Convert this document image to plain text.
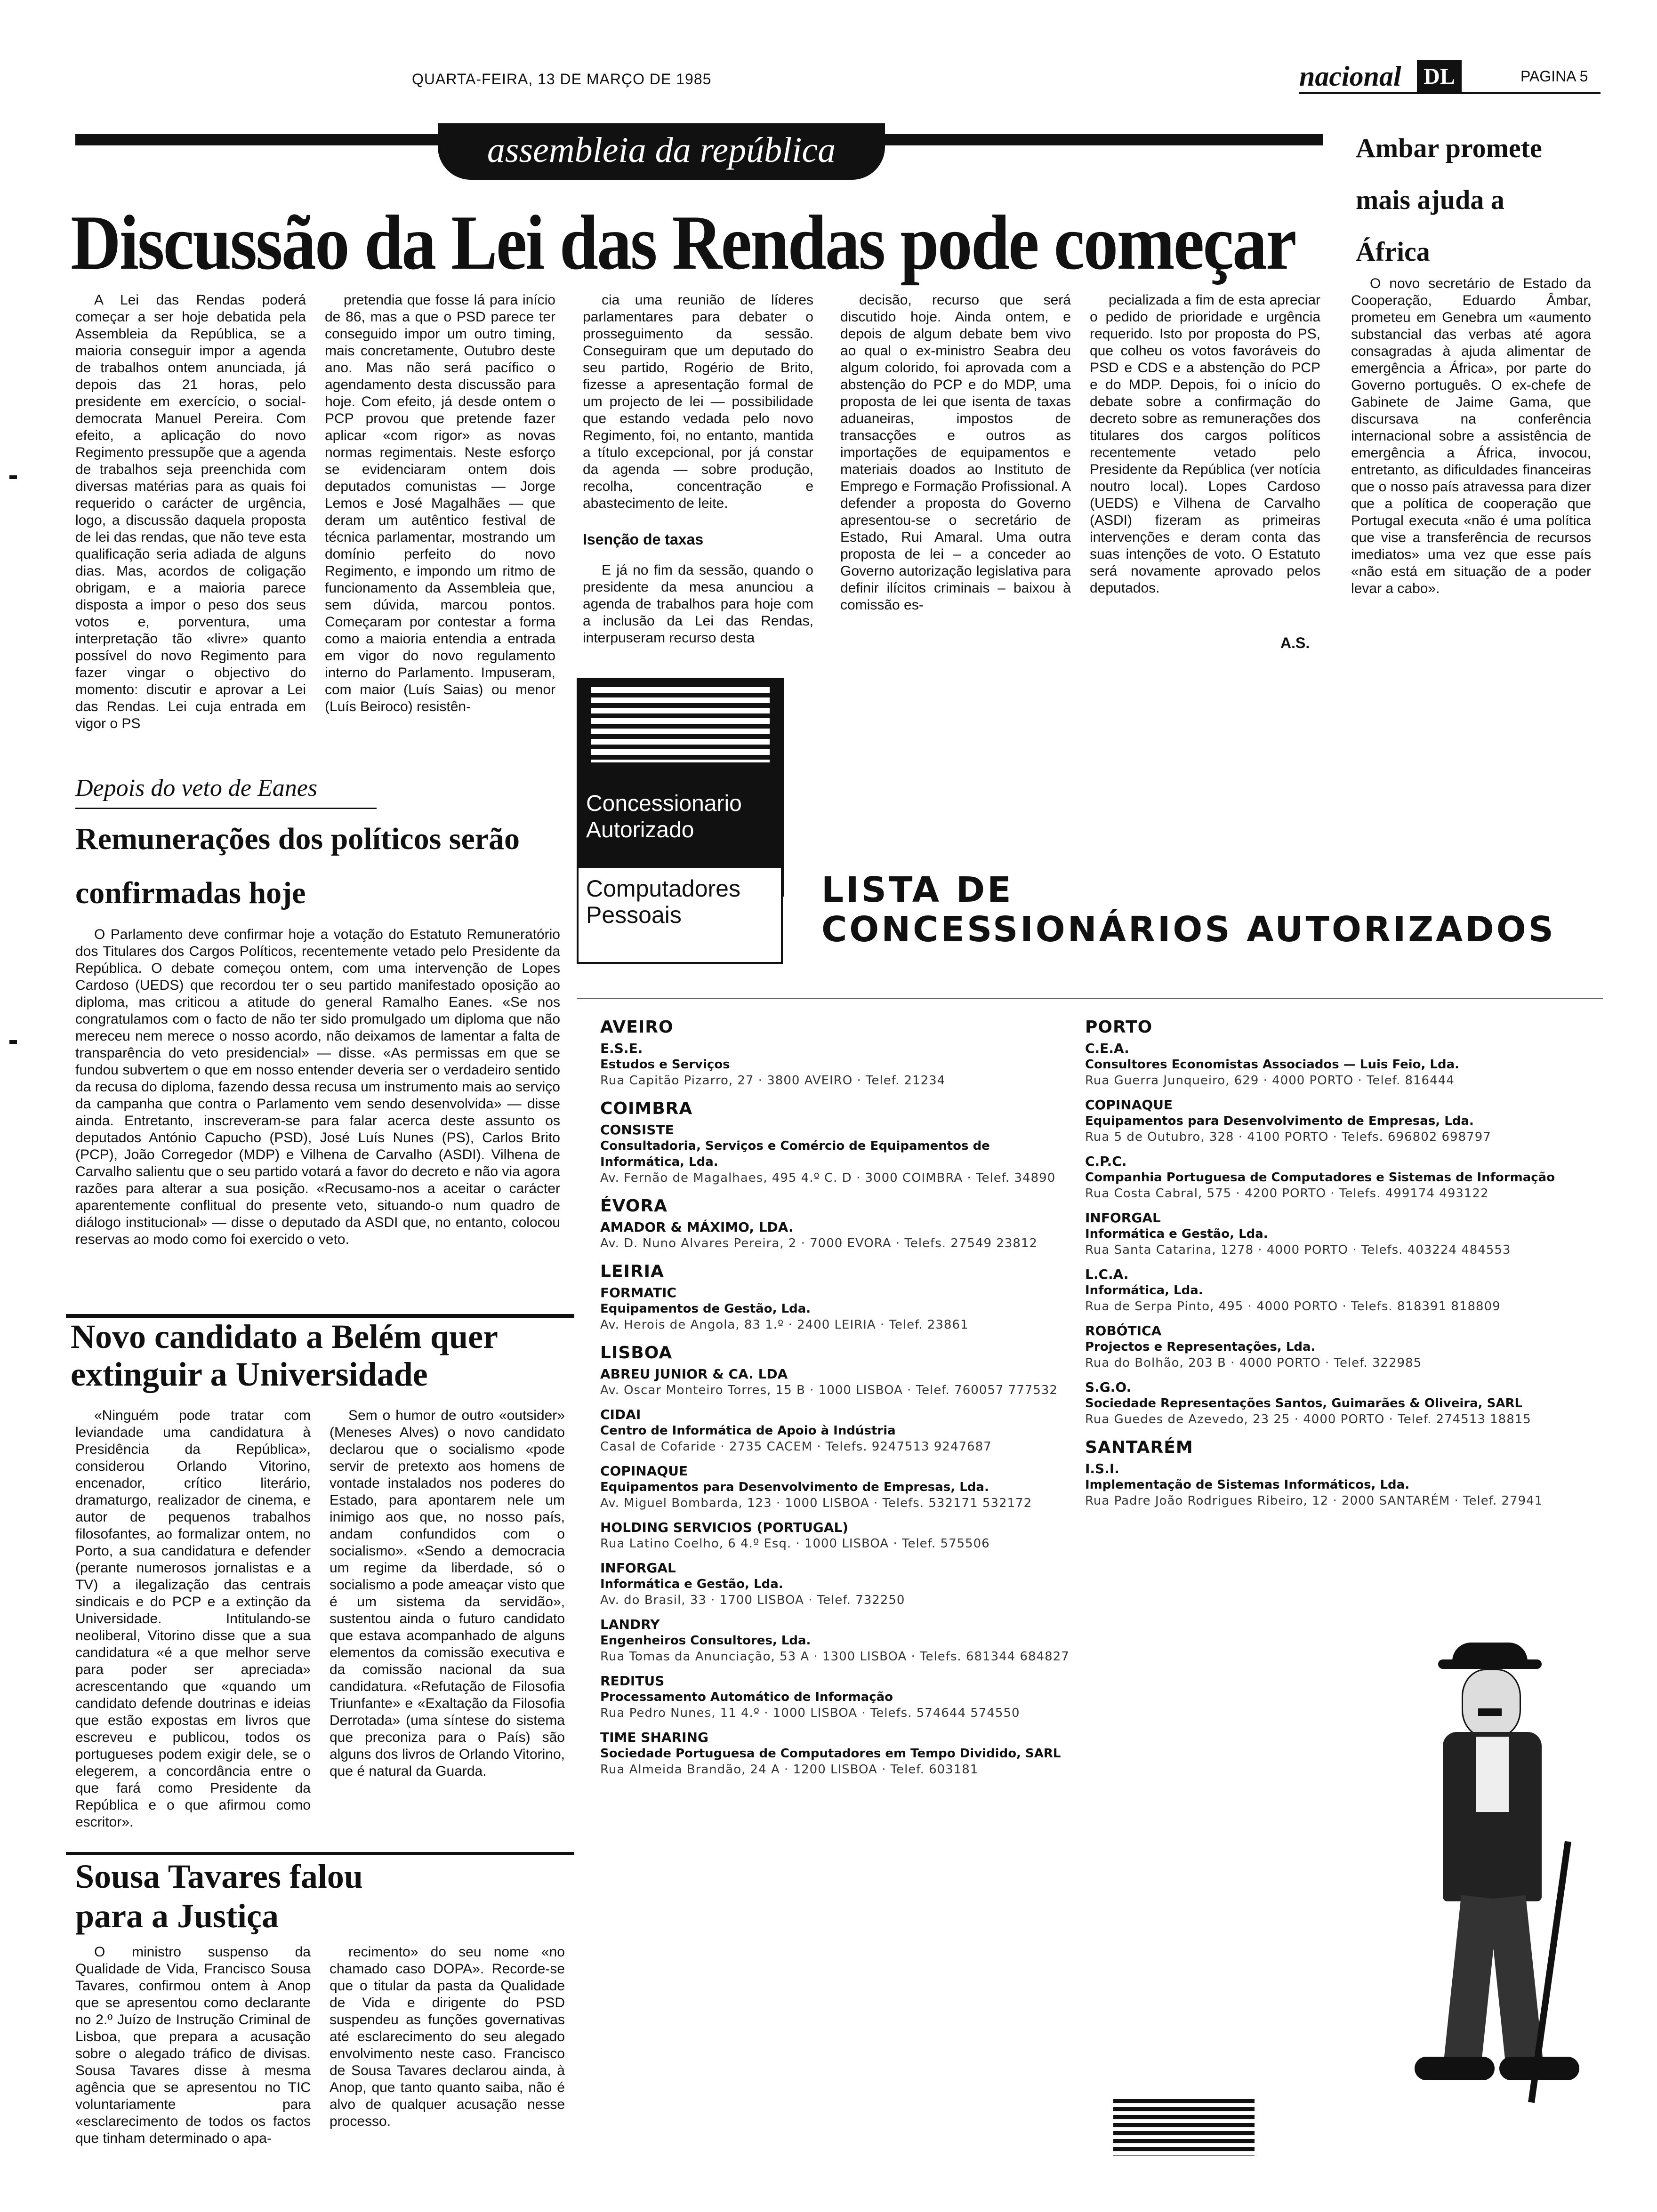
QUARTA-FEIRA, 13 DE MARÇO DE 1985	nacional DL	PAGINA 5
assembleia da república
Discussão da Lei das Rendas pode começar

A Lei das Rendas poderá começar a ser hoje debatida pela Assembleia da República, se a maioria conseguir impor a agenda de trabalhos ontem anunciada, já depois das 21 horas, pelo presidente em exercício, o social-democrata Manuel Pereira. Com efeito, a aplicação do novo Regimento pressupõe que a agenda de trabalhos seja preenchida com diversas matérias para as quais foi requerido o carácter de urgência, logo, a discussão daquela proposta de lei das rendas, que não teve esta qualificação seria adiada de alguns dias. Mas, acordos de coligação obrigam, e a maioria parece disposta a impor o peso dos seus votos e, porventura, uma interpretação tão «livre» quanto possível do novo Regimento para fazer vingar o objectivo do momento: discutir e aprovar a Lei das Rendas. Lei cuja entrada em vigor o PS

pretendia que fosse lá para início de 86, mas a que o PSD parece ter conseguido impor um outro timing, mais concretamente, Outubro deste ano. Mas não será pacífico o agendamento desta discussão para hoje. Com efeito, já desde ontem o PCP provou que pretende fazer aplicar «com rigor» as novas normas regimentais. Neste esforço se evidenciaram ontem dois deputados comunistas — Jorge Lemos e José Magalhães — que deram um autêntico festival de técnica parlamentar, mostrando um domínio perfeito do novo Regimento, e impondo um ritmo de funcionamento da Assembleia que, sem dúvida, marcou pontos. Começaram por contestar a forma como a maioria entendia a entrada em vigor do novo regulamento interno do Parlamento. Impuseram, com maior (Luís Saias) ou menor (Luís Beiroco) resistên-

cia uma reunião de líderes parlamentares para debater o prosseguimento da sessão. Conseguiram que um deputado do seu partido, Rogério de Brito, fizesse a apresentação formal de um projecto de lei — possibilidade que estando vedada pelo novo Regimento, foi, no entanto, mantida a título excepcional, por já constar da agenda — sobre produção, recolha, concentração e abastecimento de leite.

Isenção de taxas

E já no fim da sessão, quando o presidente da mesa anunciou a agenda de trabalhos para hoje com a inclusão da Lei das Rendas, interpuseram recurso desta

decisão, recurso que será discutido hoje. Ainda ontem, e depois de algum debate bem vivo ao qual o ex-ministro Seabra deu algum colorido, foi aprovada com a abstenção do PCP e do MDP, uma proposta de lei que isenta de taxas aduaneiras, impostos de transacções e outros as importações de equipamentos e materiais doados ao Instituto de Emprego e Formação Profissional. A defender a proposta do Governo apresentou-se o secretário de Estado, Rui Amaral. Uma outra proposta de lei – a conceder ao Governo autorização legislativa para definir ilícitos criminais – baixou à comissão es-

pecializada a fim de esta apreciar o pedido de prioridade e urgência requerido. Isto por proposta do PS, que colheu os votos favoráveis do PSD e CDS e a abstenção do PCP e do MDP. Depois, foi o início do debate sobre a confirmação do decreto sobre as remunerações dos titulares dos cargos políticos recentemente vetado pelo Presidente da República (ver notícia noutro local). Lopes Cardoso (UEDS) e Vilhena de Carvalho (ASDI) fizeram as primeiras intervenções e deram conta das suas intenções de voto. O Estatuto será novamente aprovado pelos deputados.

A.S.
Ambar promete mais ajuda a África

O novo secretário de Estado da Cooperação, Eduardo Âmbar, prometeu em Genebra um «aumento substancial das verbas até agora consagradas à ajuda alimentar de emergência a África», por parte do Governo português. O ex-chefe de Gabinete de Jaime Gama, que discursava na conferência internacional sobre a assistência de emergência a África, invocou, entretanto, as dificuldades financeiras que o nosso país atravessa para dizer que a política de cooperação que Portugal executa «não é uma política que vise a transferência de recursos imediatos» uma vez que esse país «não está em situação de a poder levar a cabo».

Depois do veto de Eanes
Remunerações dos políticos serão confirmadas hoje

O Parlamento deve confirmar hoje a votação do Estatuto Remuneratório dos Titulares dos Cargos Políticos, recentemente vetado pelo Presidente da República. O debate começou ontem, com uma intervenção de Lopes Cardoso (UEDS) que recordou ter o seu partido manifestado oposição ao diploma, mas criticou a atitude do general Ramalho Eanes. «Se nos congratulamos com o facto de não ter sido promulgado um diploma que não mereceu nem merece o nosso acordo, não deixamos de lamentar a falta de transparência do veto presidencial» — disse. «As permissas em que se fundou subvertem o que em nosso entender deveria ser o verdadeiro sentido da recusa do diploma, fazendo dessa recusa um instrumento mais ao serviço da campanha que contra o Parlamento vem sendo desenvolvida» — disse ainda. Entretanto, inscreveram-se para falar acerca deste assunto os deputados António Capucho (PSD), José Luís Nunes (PS), Carlos Brito (PCP), João Corregedor (MDP) e Vilhena de Carvalho (ASDI). Vilhena de Carvalho salientu que o seu partido votará a favor do decreto e não via agora razões para alterar a sua posição. «Recusamo-nos a aceitar o carácter aparentemente conflitual do presente veto, situando-o num quadro de diálogo institucional» — disse o deputado da ASDI que, no entanto, colocou reservas ao modo como foi exercido o veto.

Novo candidato a Belém quer extinguir a Universidade

«Ninguém pode tratar com leviandade uma candidatura à Presidência da República», considerou Orlando Vitorino, encenador, crítico literário, dramaturgo, realizador de cinema, e autor de pequenos trabalhos filosofantes, ao formalizar ontem, no Porto, a sua candidatura e defender (perante numerosos jornalistas e a TV) a ilegalização das centrais sindicais e do PCP e a extinção da Universidade. Intitulando-se neoliberal, Vitorino disse que a sua candidatura «é a que melhor serve para poder ser apreciada» acrescentando que «quando um candidato defende doutrinas e ideias que estão expostas em livros que escreveu e publicou, todos os portugueses podem exigir dele, se o elegerem, a concordância entre o que fará como Presidente da República e o que afirmou como escritor».

Sem o humor de outro «outsider» (Meneses Alves) o novo candidato declarou que o socialismo «pode servir de pretexto aos homens de vontade instalados nos poderes do Estado, para apontarem nele um inimigo aos que, no nosso país, andam confundidos com o socialismo». «Sendo a democracia um regime da liberdade, só o socialismo a pode ameaçar visto que é um sistema da servidão», sustentou ainda o futuro candidato que estava acompanhado de alguns elementos da comissão executiva e da comissão nacional da sua candidatura. «Refutação de Filosofia Triunfante» e «Exaltação da Filosofia Derrotada» (uma síntese do sistema que preconiza para o País) são alguns dos livros de Orlando Vitorino, que é natural da Guarda.

Sousa Tavares falou para a Justiça

O ministro suspenso da Qualidade de Vida, Francisco Sousa Tavares, confirmou ontem à Anop que se apresentou como declarante no 2.º Juízo de Instrução Criminal de Lisboa, que prepara a acusação sobre o alegado tráfico de divisas. Sousa Tavares disse à mesma agência que se apresentou no TIC voluntariamente para «esclarecimento de todos os factos que tinham determinado o apa-

recimento» do seu nome «no chamado caso DOPA». Recorde-se que o titular da pasta da Qualidade de Vida e dirigente do PSD suspendeu as funções governativas até esclarecimento do seu alegado envolvimento neste caso. Francisco de Sousa Tavares declarou ainda, à Anop, que tanto quanto saiba, não é alvo de qualquer acusação nesse processo.

Concessionario Autorizado
Computadores Pessoais
LISTA DE
CONCESSIONÁRIOS AUTORIZADOS
AVEIRO
E.S.E.
Estudos e Serviços
Rua Capitão Pizarro, 27 · 3800 AVEIRO · Telef. 21234
COIMBRA
CONSISTE
Consultadoria, Serviços e Comércio de Equipamentos de Informática, Lda.
Av. Fernão de Magalhaes, 495 4.º C. D · 3000 COIMBRA · Telef. 34890
ÉVORA
AMADOR & MÁXIMO, LDA.
Av. D. Nuno Alvares Pereira, 2 · 7000 EVORA · Telefs. 27549 23812
LEIRIA
FORMATIC
Equipamentos de Gestão, Lda.
Av. Herois de Angola, 83 1.º · 2400 LEIRIA · Telef. 23861
LISBOA
ABREU JUNIOR & CA. LDA
Av. Oscar Monteiro Torres, 15 B · 1000 LISBOA · Telef. 760057 777532
CIDAI
Centro de Informática de Apoio à Indústria
Casal de Cofaride · 2735 CACEM · Telefs. 9247513 9247687
COPINAQUE
Equipamentos para Desenvolvimento de Empresas, Lda.
Av. Miguel Bombarda, 123 · 1000 LISBOA · Telefs. 532171 532172
HOLDING SERVICIOS (PORTUGAL)
Rua Latino Coelho, 6 4.º Esq. · 1000 LISBOA · Telef. 575506
INFORGAL
Informática e Gestão, Lda.
Av. do Brasil, 33 · 1700 LISBOA · Telef. 732250
LANDRY
Engenheiros Consultores, Lda.
Rua Tomas da Anunciação, 53 A · 1300 LISBOA · Telefs. 681344 684827
REDITUS
Processamento Automático de Informação
Rua Pedro Nunes, 11 4.º · 1000 LISBOA · Telefs. 574644 574550
TIME SHARING
Sociedade Portuguesa de Computadores em Tempo Dividido, SARL
Rua Almeida Brandão, 24 A · 1200 LISBOA · Telef. 603181
PORTO
C.E.A.
Consultores Economistas Associados — Luis Feio, Lda.
Rua Guerra Junqueiro, 629 · 4000 PORTO · Telef. 816444
COPINAQUE
Equipamentos para Desenvolvimento de Empresas, Lda.
Rua 5 de Outubro, 328 · 4100 PORTO · Telefs. 696802 698797
C.P.C.
Companhia Portuguesa de Computadores e Sistemas de Informação
Rua Costa Cabral, 575 · 4200 PORTO · Telefs. 499174 493122
INFORGAL
Informática e Gestão, Lda.
Rua Santa Catarina, 1278 · 4000 PORTO · Telefs. 403224 484553
L.C.A.
Informática, Lda.
Rua de Serpa Pinto, 495 · 4000 PORTO · Telefs. 818391 818809
ROBÓTICA
Projectos e Representações, Lda.
Rua do Bolhão, 203 B · 4000 PORTO · Telef. 322985
S.G.O.
Sociedade Representações Santos, Guimarães & Oliveira, SARL
Rua Guedes de Azevedo, 23 25 · 4000 PORTO · Telef. 274513 18815
SANTARÉM
I.S.I.
Implementação de Sistemas Informáticos, Lda.
Rua Padre João Rodrigues Ribeiro, 12 · 2000 SANTARÉM · Telef. 27941
